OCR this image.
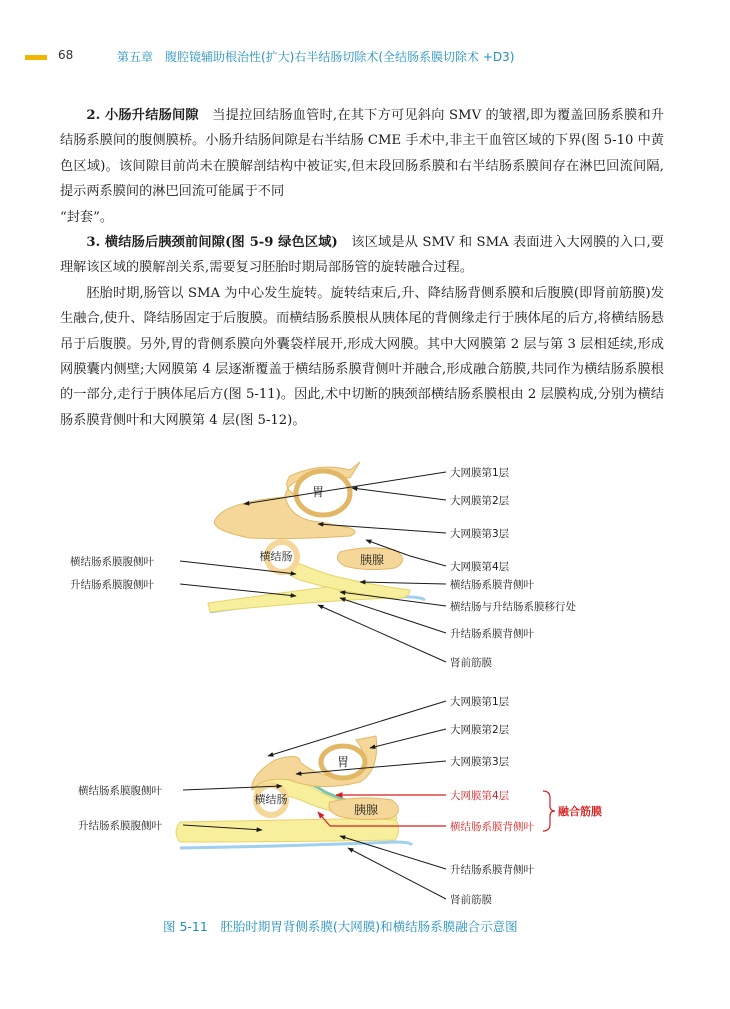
68	第五章　腹腔镜辅助根治性(扩大)右半结肠切除术(全结肠系膜切除术 +D3)

2. 小肠升结肠间隙　当提拉回结肠血管时,在其下方可见斜向 SMV 的皱褶,即为覆盖回肠系膜和升结肠系膜间的腹侧膜桥。小肠升结肠间隙是右半结肠 CME 手术中,非主干血管区域的下界(图 5-10 中黄色区域)。该间隙目前尚未在膜解剖结构中被证实,但末段回肠系膜和右半结肠系膜间存在淋巴回流间隔,提示两系膜间的淋巴回流可能属于不同

“封套”。

3. 横结肠后胰颈前间隙(图 5-9 绿色区域)　该区域是从 SMV 和 SMA 表面进入大网膜的入口,要理解该区域的膜解剖关系,需要复习胚胎时期局部肠管的旋转融合过程。

胚胎时期,肠管以 SMA 为中心发生旋转。旋转结束后,升、降结肠背侧系膜和后腹膜(即肾前筋膜)发生融合,使升、降结肠固定于后腹膜。而横结肠系膜根从胰体尾的背侧缘走行于胰体尾的后方,将横结肠悬吊于后腹膜。另外,胃的背侧系膜向外囊袋样展开,形成大网膜。其中大网膜第 2 层与第 3 层相延续,形成网膜囊内侧壁;大网膜第 4 层逐渐覆盖于横结肠系膜背侧叶并融合,形成融合筋膜,共同作为横结肠系膜根的一部分,走行于胰体尾后方(图 5-11)。因此,术中切断的胰颈部横结肠系膜根由 2 层膜构成,分别为横结肠系膜背侧叶和大网膜第 4 层(图 5-12)。

胰腺
胃
横结肠
大网膜第1层
大网膜第2层
大网膜第3层
大网膜第4层
横结肠系膜背侧叶
横结肠与升结肠系膜移行处
升结肠系膜背侧叶
肾前筋膜
横结肠系膜腹侧叶
升结肠系膜腹侧叶
胰腺
胃
横结肠
大网膜第1层
大网膜第2层
大网膜第3层
大网膜第4层
横结肠系膜背侧叶
融合筋膜
升结肠系膜背侧叶
肾前筋膜
横结肠系膜腹侧叶
升结肠系膜腹侧叶
图 5-11　胚胎时期胃背侧系膜(大网膜)和横结肠系膜融合示意图
